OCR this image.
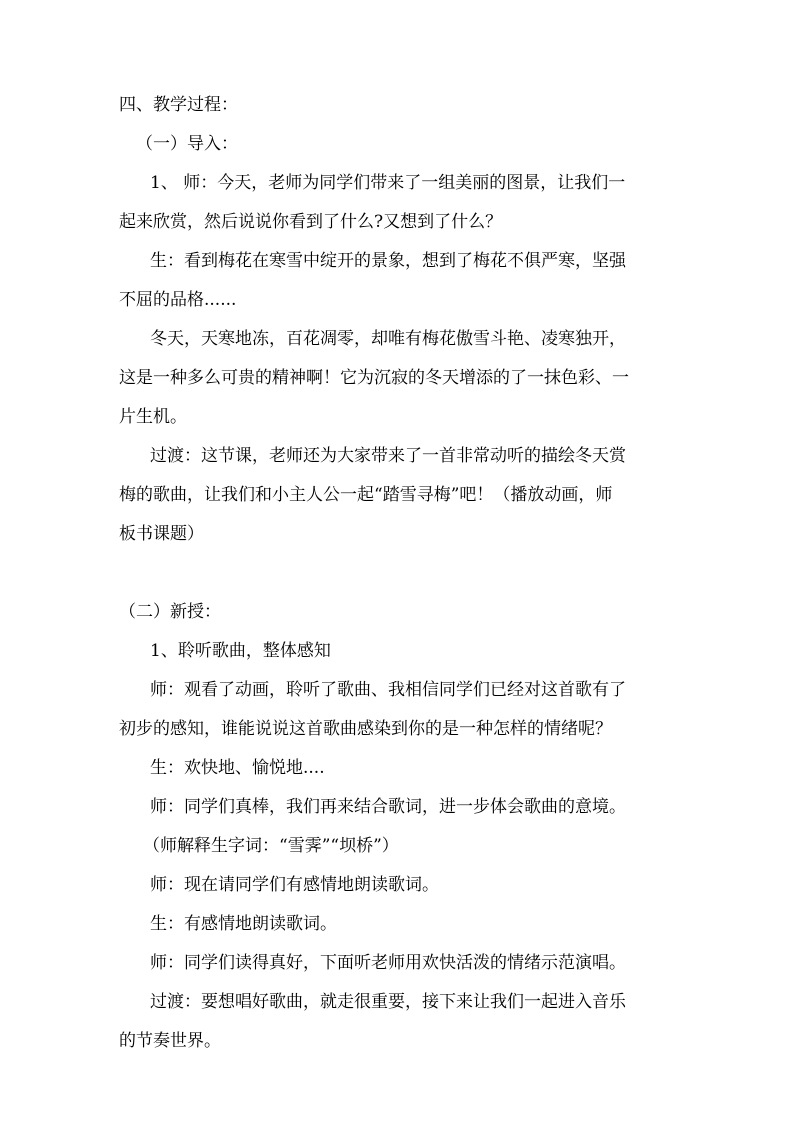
四、教学过程：
（一）导入：
1、 师：今天，老师为同学们带来了一组美丽的图景，让我们一
起来欣赏，然后说说你看到了什么?又想到了什么？
生：看到梅花在寒雪中绽开的景象，想到了梅花不俱严寒，坚强
不屈的品格......
冬天，天寒地冻，百花凋零，却唯有梅花傲雪斗艳、凌寒独开，
这是一种多么可贵的精神啊！它为沉寂的冬天增添的了一抹色彩、一
片生机。
过渡：这节课，老师还为大家带来了一首非常动听的描绘冬天赏
梅的歌曲，让我们和小主人公一起“踏雪寻梅”吧！（播放动画，师
板书课题）
（二）新授：
1、聆听歌曲，整体感知
师：观看了动画，聆听了歌曲、我相信同学们已经对这首歌有了
初步的感知，谁能说说这首歌曲感染到你的是一种怎样的情绪呢？
生：欢快地、愉悦地....
师：同学们真棒，我们再来结合歌词，进一步体会歌曲的意境。
（师解释生字词：“雪霁”“坝桥”）
师：现在请同学们有感情地朗读歌词。
生：有感情地朗读歌词。
师：同学们读得真好，下面听老师用欢快活泼的情绪示范演唱。
过渡：要想唱好歌曲，就走很重要，接下来让我们一起进入音乐
的节奏世界。
